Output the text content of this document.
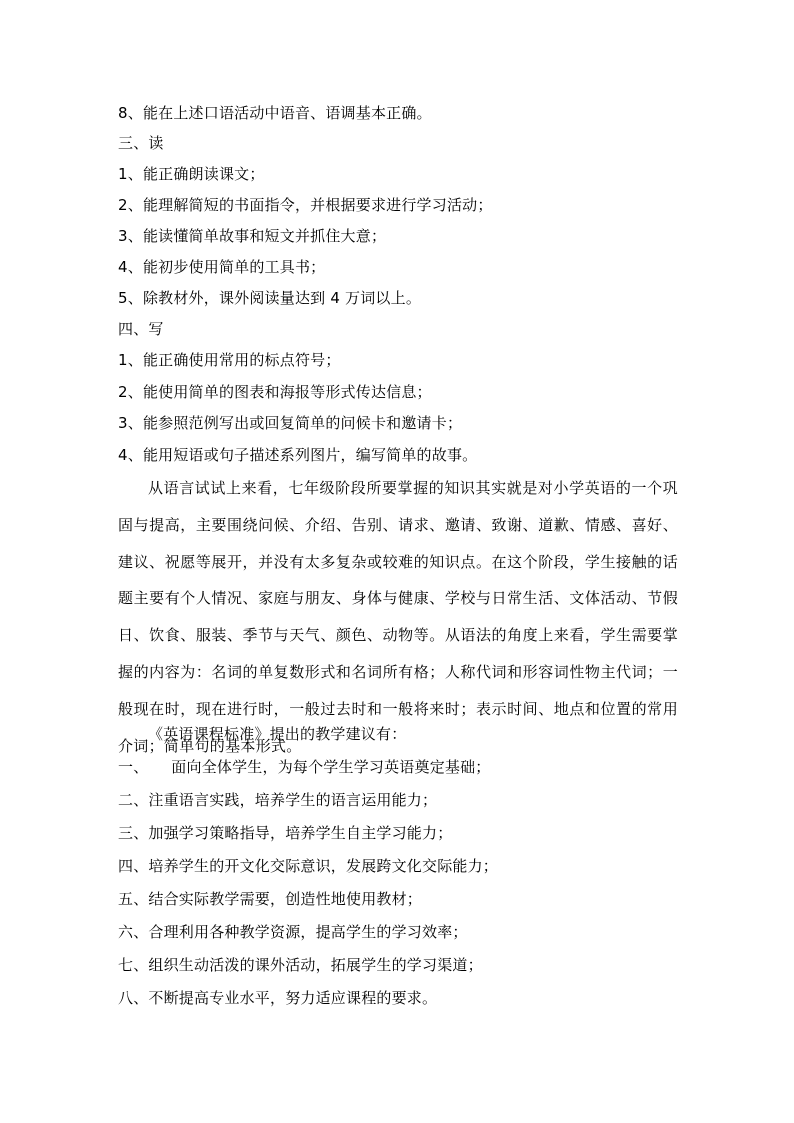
8、能在上述口语活动中语音、语调基本正确。
三、读
1、能正确朗读课文；
2、能理解简短的书面指令，并根据要求进行学习活动；
3、能读懂简单故事和短文并抓住大意；
4、能初步使用简单的工具书；
5、除教材外，课外阅读量达到 4 万词以上。
四、写
1、能正确使用常用的标点符号；
2、能使用简单的图表和海报等形式传达信息；
3、能参照范例写出或回复简单的问候卡和邀请卡；
4、能用短语或句子描述系列图片，编写简单的故事。
从语言试试上来看，七年级阶段所要掌握的知识其实就是对小学英语的一个巩固与提高，主要围绕问候、介绍、告别、请求、邀请、致谢、道歉、情感、喜好、建议、祝愿等展开，并没有太多复杂或较难的知识点。在这个阶段，学生接触的话题主要有个人情况、家庭与朋友、身体与健康、学校与日常生活、文体活动、节假日、饮食、服装、季节与天气、颜色、动物等。从语法的角度上来看，学生需要掌握的内容为：名词的单复数形式和名词所有格；人称代词和形容词性物主代词；一般现在时，现在进行时，一般过去时和一般将来时；表示时间、地点和位置的常用介词；简单句的基本形式。
《英语课程标准》提出的教学建议有：
一、　　面向全体学生，为每个学生学习英语奠定基础；
二、注重语言实践，培养学生的语言运用能力；
三、加强学习策略指导，培养学生自主学习能力；
四、培养学生的开文化交际意识，发展跨文化交际能力；
五、结合实际教学需要，创造性地使用教材；
六、合理利用各种教学资源，提高学生的学习效率；
七、组织生动活泼的课外活动，拓展学生的学习渠道；
八、不断提高专业水平，努力适应课程的要求。
